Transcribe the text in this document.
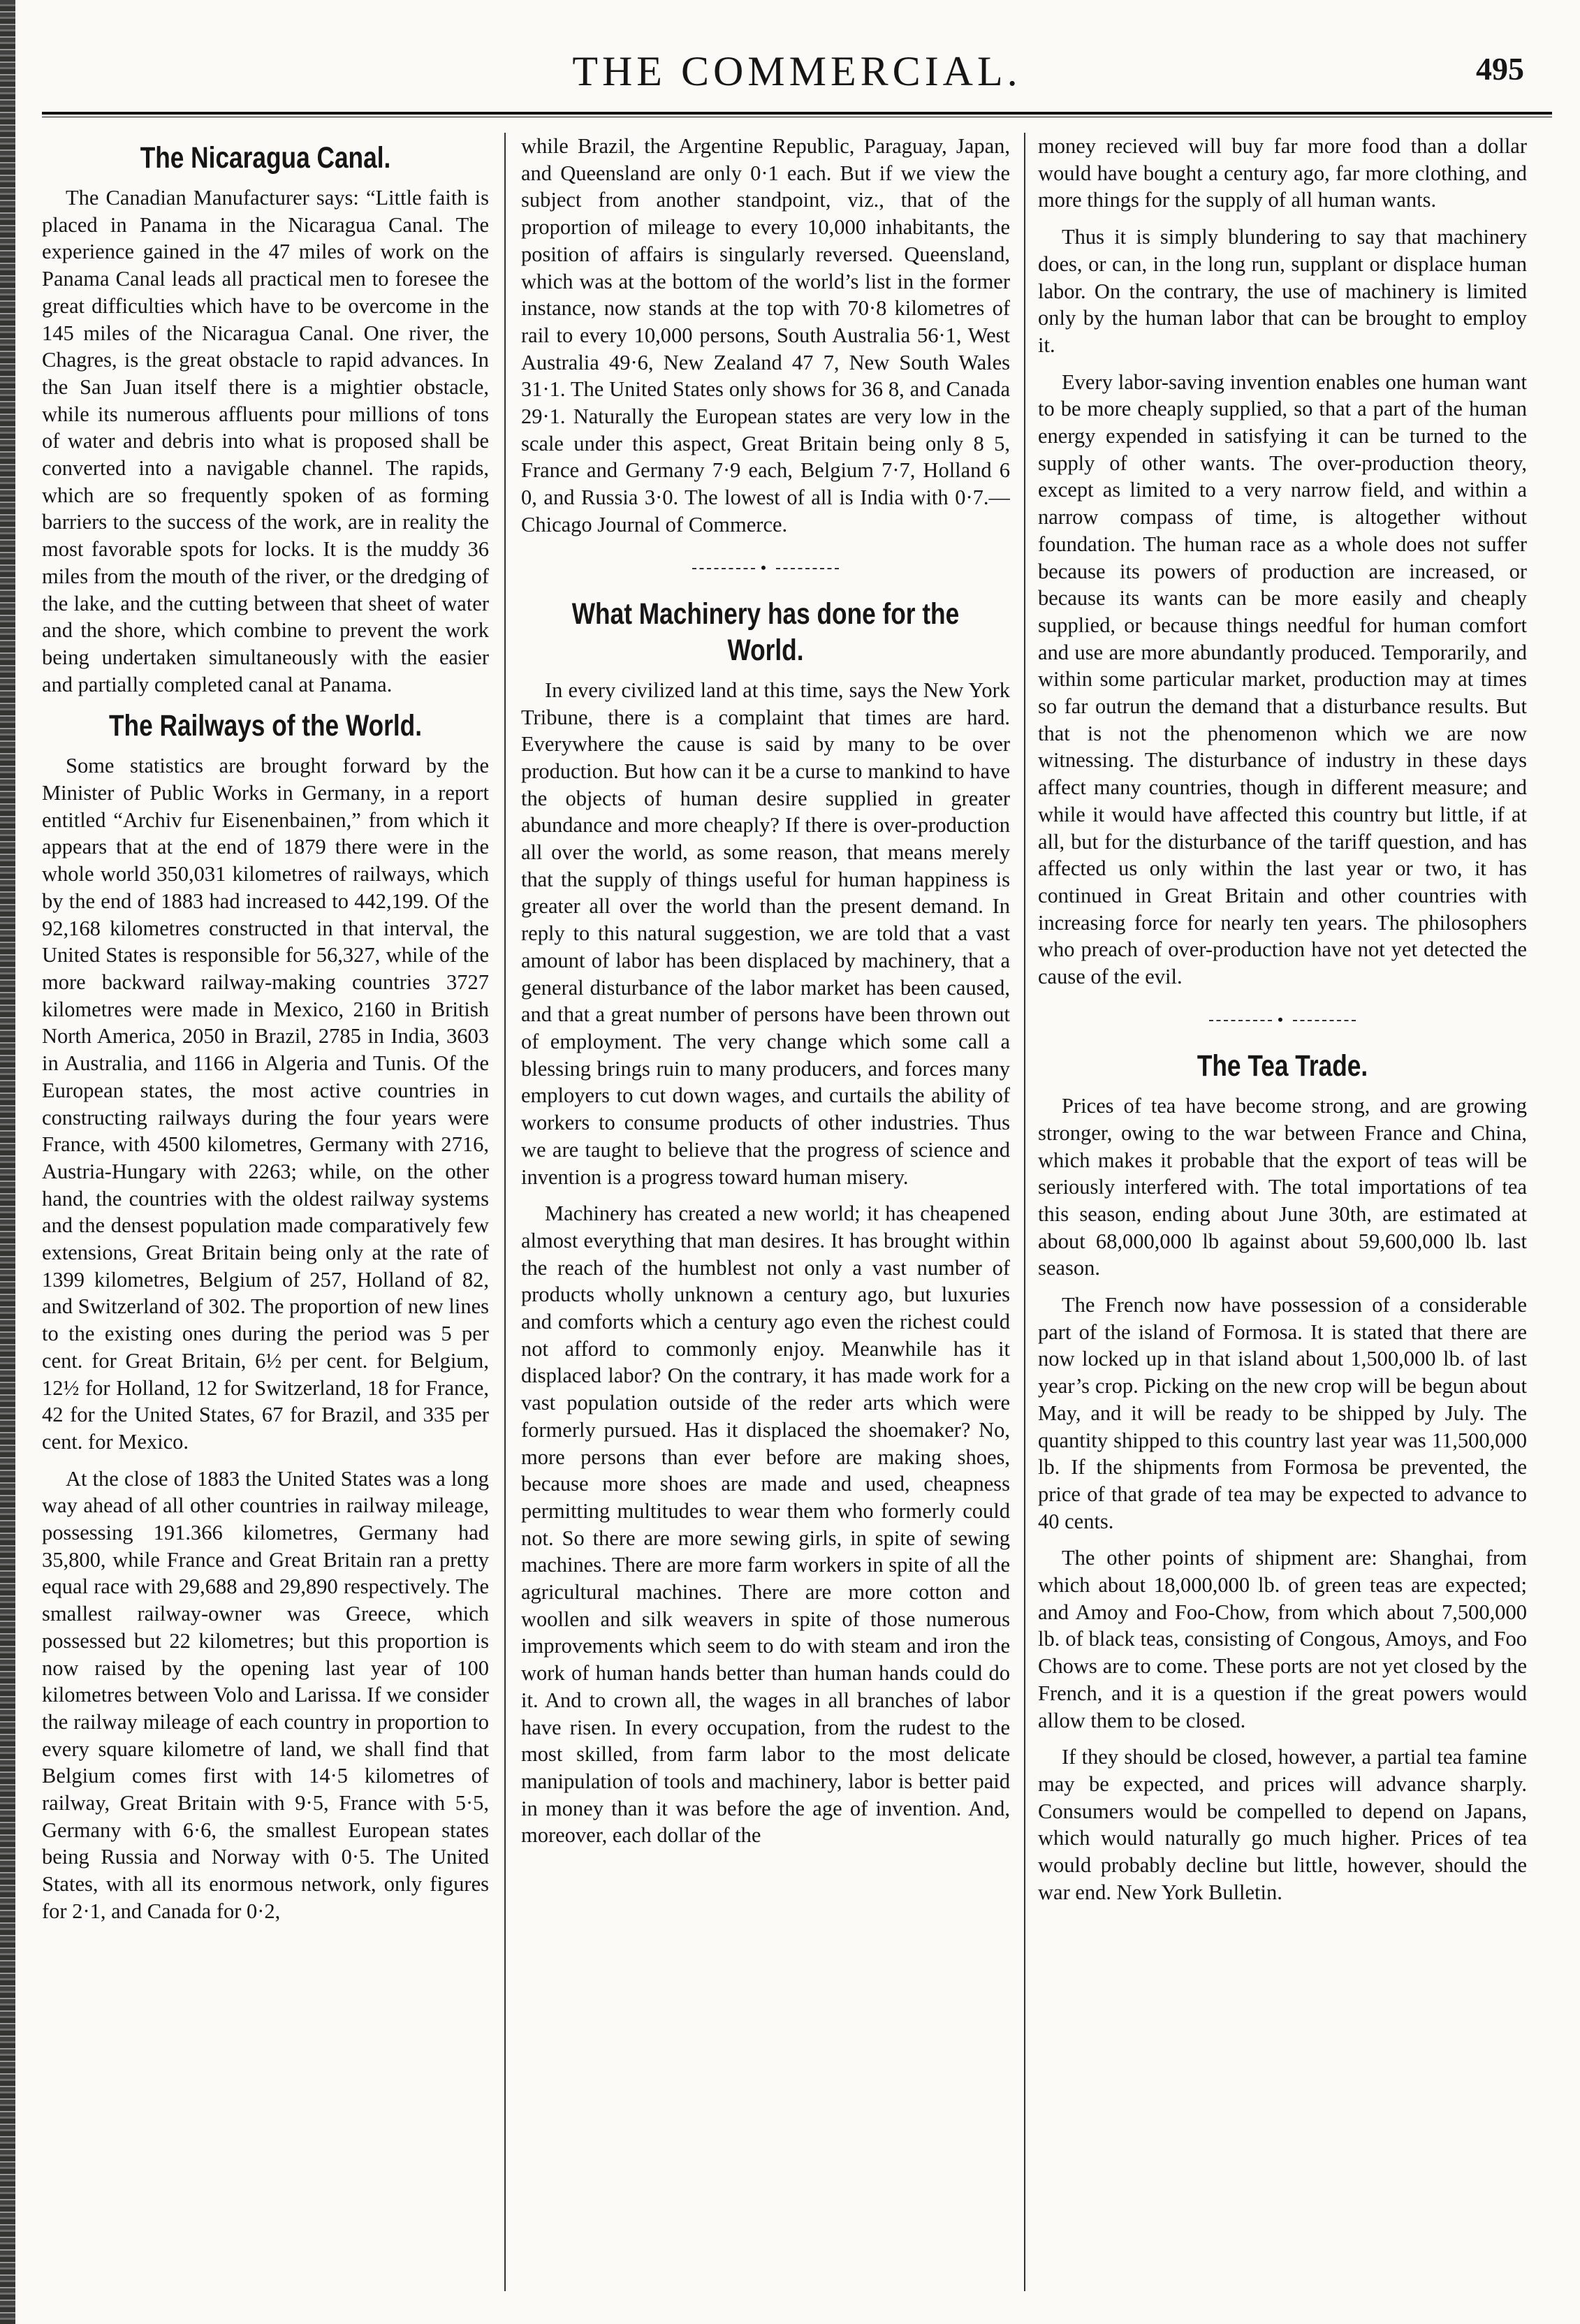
THE COMMERCIAL.	495
The Nicaragua Canal.

The Canadian Manufacturer says: “Little faith is placed in Panama in the Nicaragua Canal. The experience gained in the 47 miles of work on the Panama Canal leads all practical men to foresee the great difficulties which have to be overcome in the 145 miles of the Nicaragua Canal. One river, the Chagres, is the great obstacle to rapid advances. In the San Juan itself there is a mightier obstacle, while its numerous affluents pour millions of tons of water and debris into what is proposed shall be converted into a navigable channel. The rapids, which are so frequently spoken of as forming barriers to the success of the work, are in reality the most favorable spots for locks. It is the muddy 36 miles from the mouth of the river, or the dredging of the lake, and the cutting between that sheet of water and the shore, which combine to prevent the work being undertaken simultaneously with the easier and partially completed canal at Panama.

The Railways of the World.

Some statistics are brought forward by the Minister of Public Works in Germany, in a report entitled “Archiv fur Eisenenbainen,” from which it appears that at the end of 1879 there were in the whole world 350,031 kilometres of railways, which by the end of 1883 had increased to 442,199. Of the 92,168 kilometres constructed in that interval, the United States is responsible for 56,327, while of the more backward railway-making countries 3727 kilometres were made in Mexico, 2160 in British North America, 2050 in Brazil, 2785 in India, 3603 in Australia, and 1166 in Algeria and Tunis. Of the European states, the most active countries in constructing railways during the four years were France, with 4500 kilometres, Germany with 2716, Austria-Hungary with 2263; while, on the other hand, the countries with the oldest railway systems and the densest population made comparatively few extensions, Great Britain being only at the rate of 1399 kilometres, Belgium of 257, Holland of 82, and Switzerland of 302. The proportion of new lines to the existing ones during the period was 5 per cent. for Great Britain, 6½ per cent. for Belgium, 12½ for Holland, 12 for Switzerland, 18 for France, 42 for the United States, 67 for Brazil, and 335 per cent. for Mexico.

At the close of 1883 the United States was a long way ahead of all other countries in railway mileage, possessing 191.366 kilometres, Germany had 35,800, while France and Great Britain ran a pretty equal race with 29,688 and 29,890 respectively. The smallest railway-owner was Greece, which possessed but 22 kilometres; but this proportion is now raised by the opening last year of 100 kilometres between Volo and Larissa. If we consider the railway mileage of each country in proportion to every square kilometre of land, we shall find that Belgium comes first with 14·5 kilometres of railway, Great Britain with 9·5, France with 5·5, Germany with 6·6, the smallest European states being Russia and Norway with 0·5. The United States, with all its enormous network, only figures for 2·1, and Canada for 0·2,

while Brazil, the Argentine Republic, Paraguay, Japan, and Queensland are only 0·1 each. But if we view the subject from another standpoint, viz., that of the proportion of mileage to every 10,000 inhabitants, the position of affairs is singularly reversed. Queensland, which was at the bottom of the world’s list in the former instance, now stands at the top with 70·8 kilometres of rail to every 10,000 persons, South Australia 56·1, West Australia 49·6, New Zealand 47 7, New South Wales 31·1. The United States only shows for 36 8, and Canada 29·1. Naturally the European states are very low in the scale under this aspect, Great Britain being only 8 5, France and Germany 7·9 each, Belgium 7·7, Holland 6 0, and Russia 3·0. The lowest of all is India with 0·7.—Chicago Journal of Commerce.

•
What Machinery has done for the World.

In every civilized land at this time, says the New York Tribune, there is a complaint that times are hard. Everywhere the cause is said by many to be over production. But how can it be a curse to mankind to have the objects of human desire supplied in greater abundance and more cheaply? If there is over-production all over the world, as some reason, that means merely that the supply of things useful for human happiness is greater all over the world than the present demand. In reply to this natural suggestion, we are told that a vast amount of labor has been displaced by machinery, that a general disturbance of the labor market has been caused, and that a great number of persons have been thrown out of employment. The very change which some call a blessing brings ruin to many producers, and forces many employers to cut down wages, and curtails the ability of workers to consume products of other industries. Thus we are taught to believe that the progress of science and invention is a progress toward human misery.

Machinery has created a new world; it has cheapened almost everything that man desires. It has brought within the reach of the humblest not only a vast number of products wholly unknown a century ago, but luxuries and comforts which a century ago even the richest could not afford to commonly enjoy. Meanwhile has it displaced labor? On the contrary, it has made work for a vast population outside of the reder arts which were formerly pursued. Has it displaced the shoemaker? No, more persons than ever before are making shoes, because more shoes are made and used, cheapness permitting multitudes to wear them who formerly could not. So there are more sewing girls, in spite of sewing machines. There are more farm workers in spite of all the agricultural machines. There are more cotton and woollen and silk weavers in spite of those numerous improvements which seem to do with steam and iron the work of human hands better than human hands could do it. And to crown all, the wages in all branches of labor have risen. In every occupation, from the rudest to the most skilled, from farm labor to the most delicate manipulation of tools and machinery, labor is better paid in money than it was before the age of invention. And, moreover, each dollar of the

money recieved will buy far more food than a dollar would have bought a century ago, far more clothing, and more things for the supply of all human wants.

Thus it is simply blundering to say that machinery does, or can, in the long run, supplant or displace human labor. On the contrary, the use of machinery is limited only by the human labor that can be brought to employ it.

Every labor-saving invention enables one human want to be more cheaply supplied, so that a part of the human energy expended in satisfying it can be turned to the supply of other wants. The over-production theory, except as limited to a very narrow field, and within a narrow compass of time, is altogether without foundation. The human race as a whole does not suffer because its powers of production are increased, or because its wants can be more easily and cheaply supplied, or because things needful for human comfort and use are more abundantly produced. Temporarily, and within some particular market, production may at times so far outrun the demand that a disturbance results. But that is not the phenomenon which we are now witnessing. The disturbance of industry in these days affect many countries, though in different measure; and while it would have affected this country but little, if at all, but for the disturbance of the tariff question, and has affected us only within the last year or two, it has continued in Great Britain and other countries with increasing force for nearly ten years. The philosophers who preach of over-production have not yet detected the cause of the evil.

•
The Tea Trade.

Prices of tea have become strong, and are growing stronger, owing to the war between France and China, which makes it probable that the export of teas will be seriously interfered with. The total importations of tea this season, ending about June 30th, are estimated at about 68,000,000 lb against about 59,600,000 lb. last season.

The French now have possession of a considerable part of the island of Formosa. It is stated that there are now locked up in that island about 1,500,000 lb. of last year’s crop. Picking on the new crop will be begun about May, and it will be ready to be shipped by July. The quantity shipped to this country last year was 11,500,000 lb. If the shipments from Formosa be prevented, the price of that grade of tea may be expected to advance to 40 cents.

The other points of shipment are: Shanghai, from which about 18,000,000 lb. of green teas are expected; and Amoy and Foo-Chow, from which about 7,500,000 lb. of black teas, consisting of Congous, Amoys, and Foo Chows are to come. These ports are not yet closed by the French, and it is a question if the great powers would allow them to be closed.

If they should be closed, however, a partial tea famine may be expected, and prices will advance sharply. Consumers would be compelled to depend on Japans, which would naturally go much higher. Prices of tea would probably decline but little, however, should the war end. New York Bulletin.
